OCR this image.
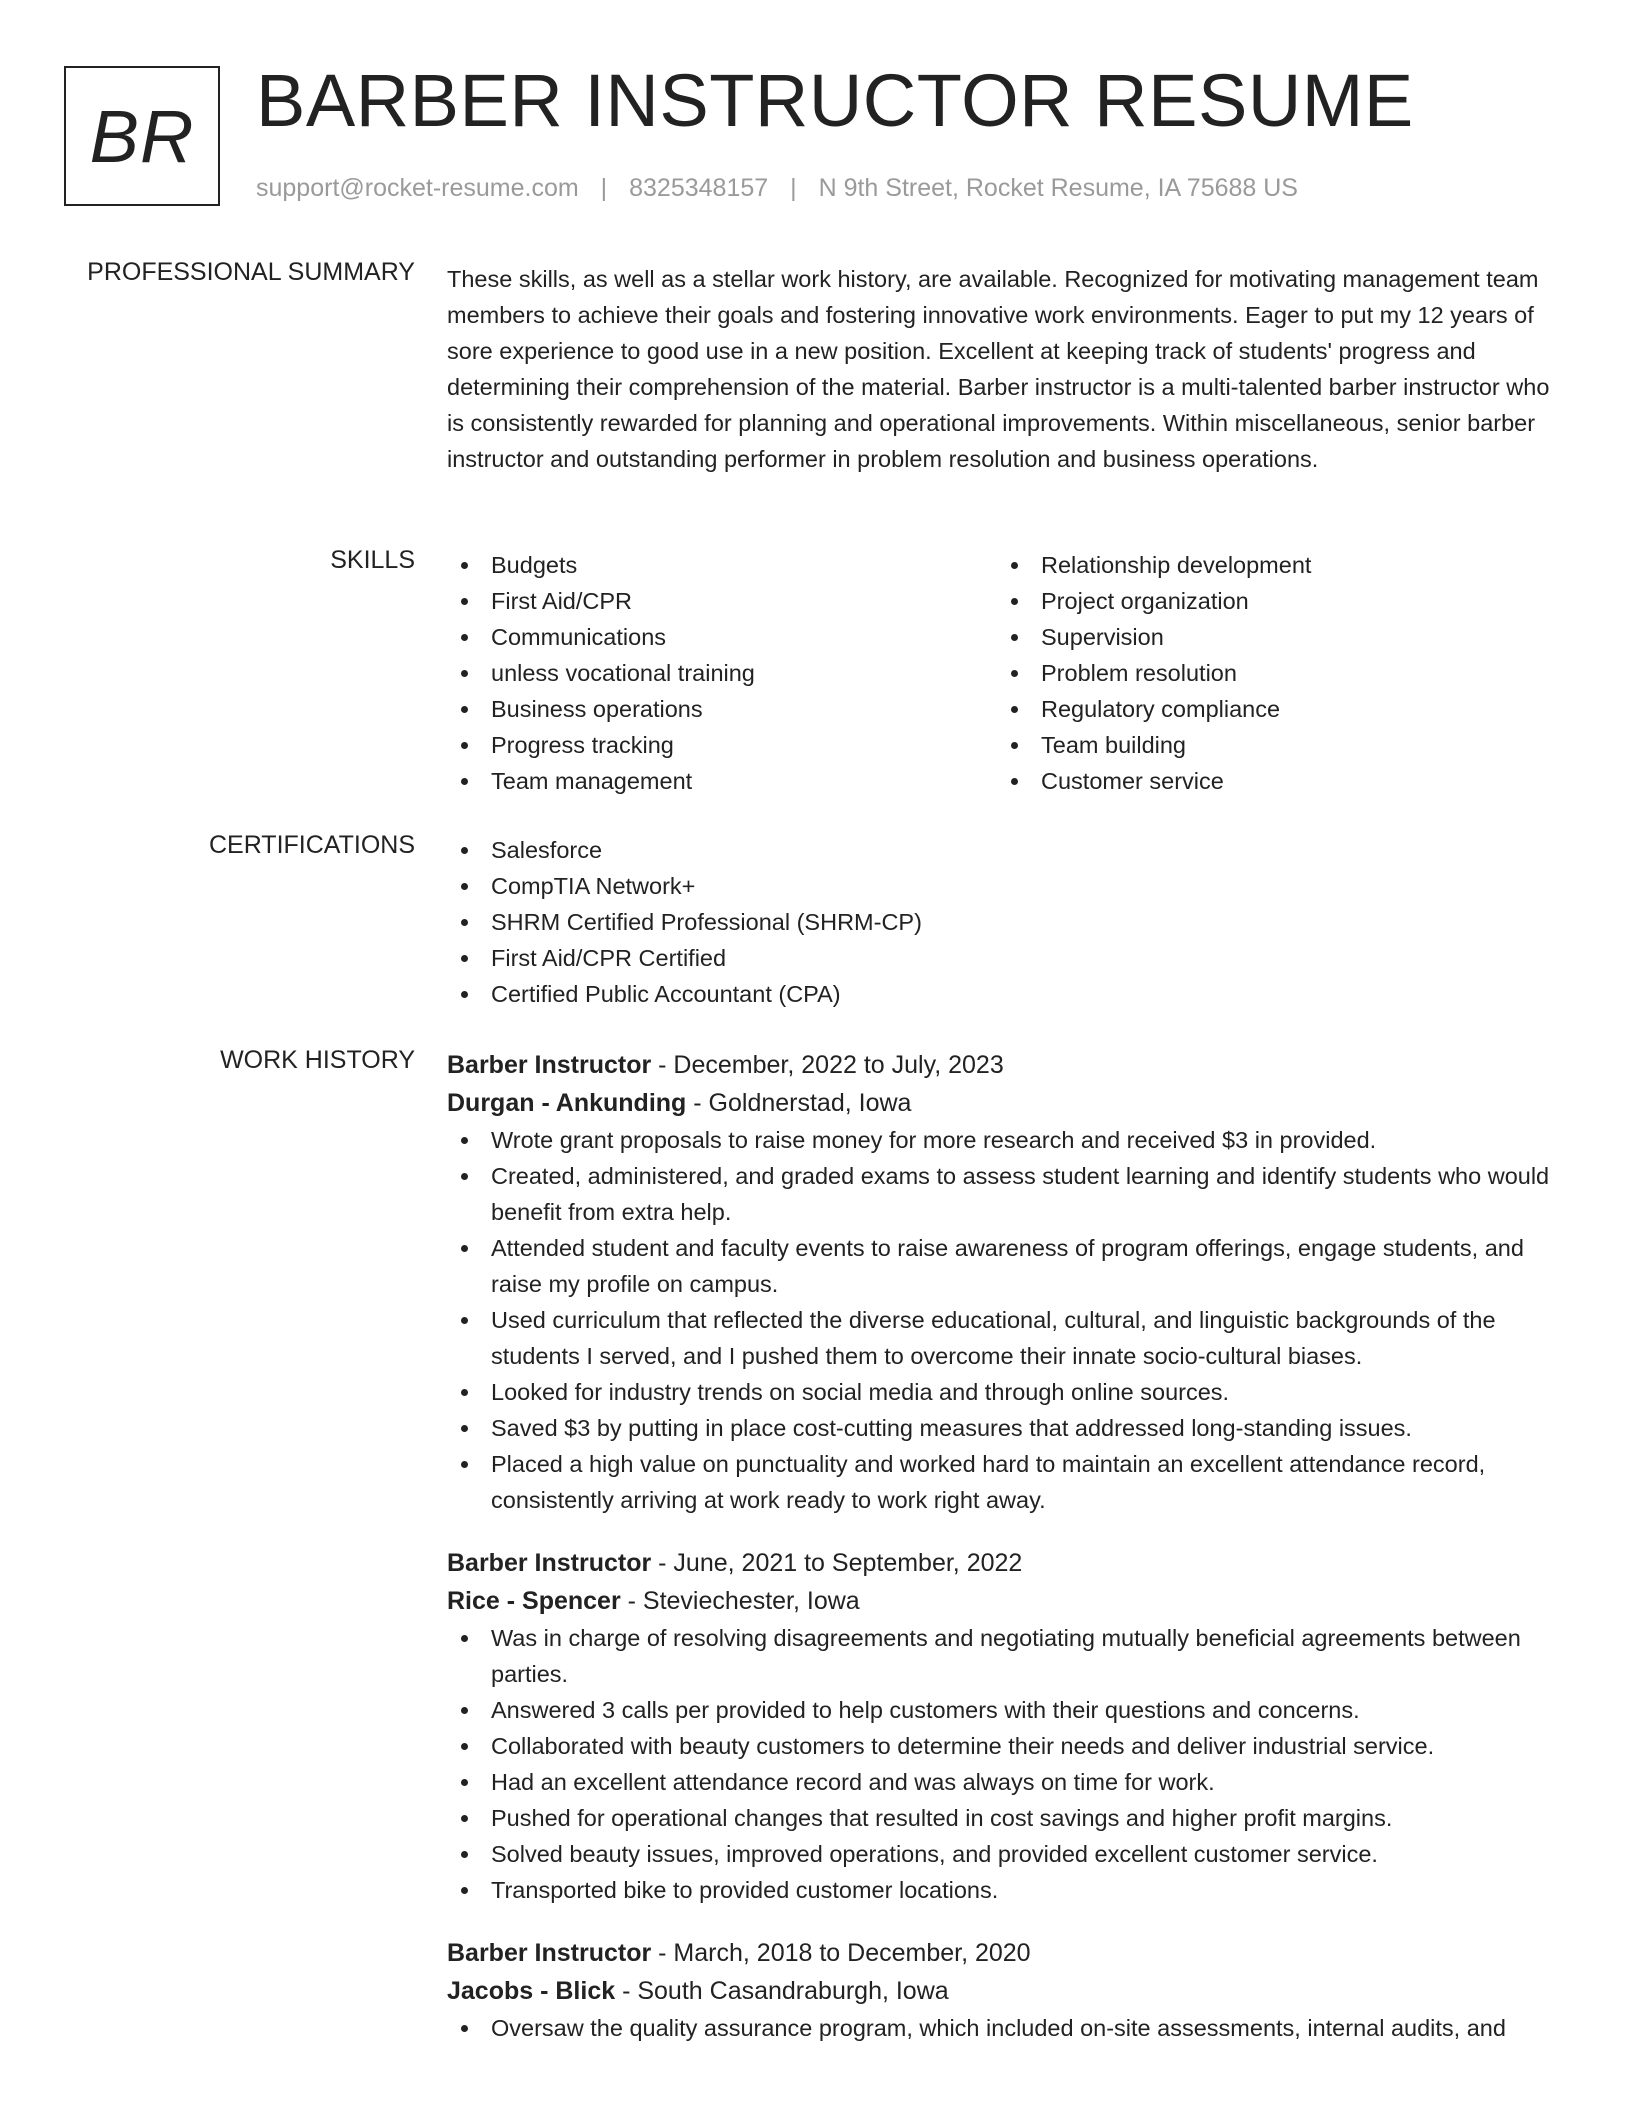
BR BARBER INSTRUCTOR RESUME
support@rocket-resume.com | 8325348157 | N 9th Street, Rocket Resume, IA 75688 US
PROFESSIONAL SUMMARY These skills, as well as a stellar work history, are available. Recognized for motivating management team members to achieve their goals and fostering innovative work environments. Eager to put my 12 years of sore experience to good use in a new position. Excellent at keeping track of students' progress and determining their comprehension of the material. Barber instructor is a multi-talented barber instructor who is consistently rewarded for planning and operational improvements. Within miscellaneous, senior barber instructor and outstanding performer in problem resolution and business operations.

SKILLS	Budgets
First Aid/CPR
Communications
unless vocational training
Business operations
Progress tracking
Team management
Relationship development
Project organization
Supervision
Problem resolution
Regulatory compliance
Team building
Customer service
CERTIFICATIONS	Salesforce
CompTIA Network+
SHRM Certified Professional (SHRM-CP)
First Aid/CPR Certified
Certified Public Accountant (CPA)
WORK HISTORY Barber Instructor - December, 2022 to July, 2023
Durgan - Ankunding - Goldnerstad, Iowa
Wrote grant proposals to raise money for more research and received $3 in provided.
Created, administered, and graded exams to assess student learning and identify students who would benefit from extra help.
Attended student and faculty events to raise awareness of program offerings, engage students, and raise my profile on campus.
Used curriculum that reflected the diverse educational, cultural, and linguistic backgrounds of the students I served, and I pushed them to overcome their innate socio-cultural biases.
Looked for industry trends on social media and through online sources.
Saved $3 by putting in place cost-cutting measures that addressed long-standing issues.
Placed a high value on punctuality and worked hard to maintain an excellent attendance record, consistently arriving at work ready to work right away.
Barber Instructor - June, 2021 to September, 2022
Rice - Spencer - Steviechester, Iowa
Was in charge of resolving disagreements and negotiating mutually beneficial agreements between parties.
Answered 3 calls per provided to help customers with their questions and concerns.
Collaborated with beauty customers to determine their needs and deliver industrial service.
Had an excellent attendance record and was always on time for work.
Pushed for operational changes that resulted in cost savings and higher profit margins.
Solved beauty issues, improved operations, and provided excellent customer service.
Transported bike to provided customer locations.
Barber Instructor - March, 2018 to December, 2020
Jacobs - Blick - South Casandraburgh, Iowa
Oversaw the quality assurance program, which included on-site assessments, internal audits, and
